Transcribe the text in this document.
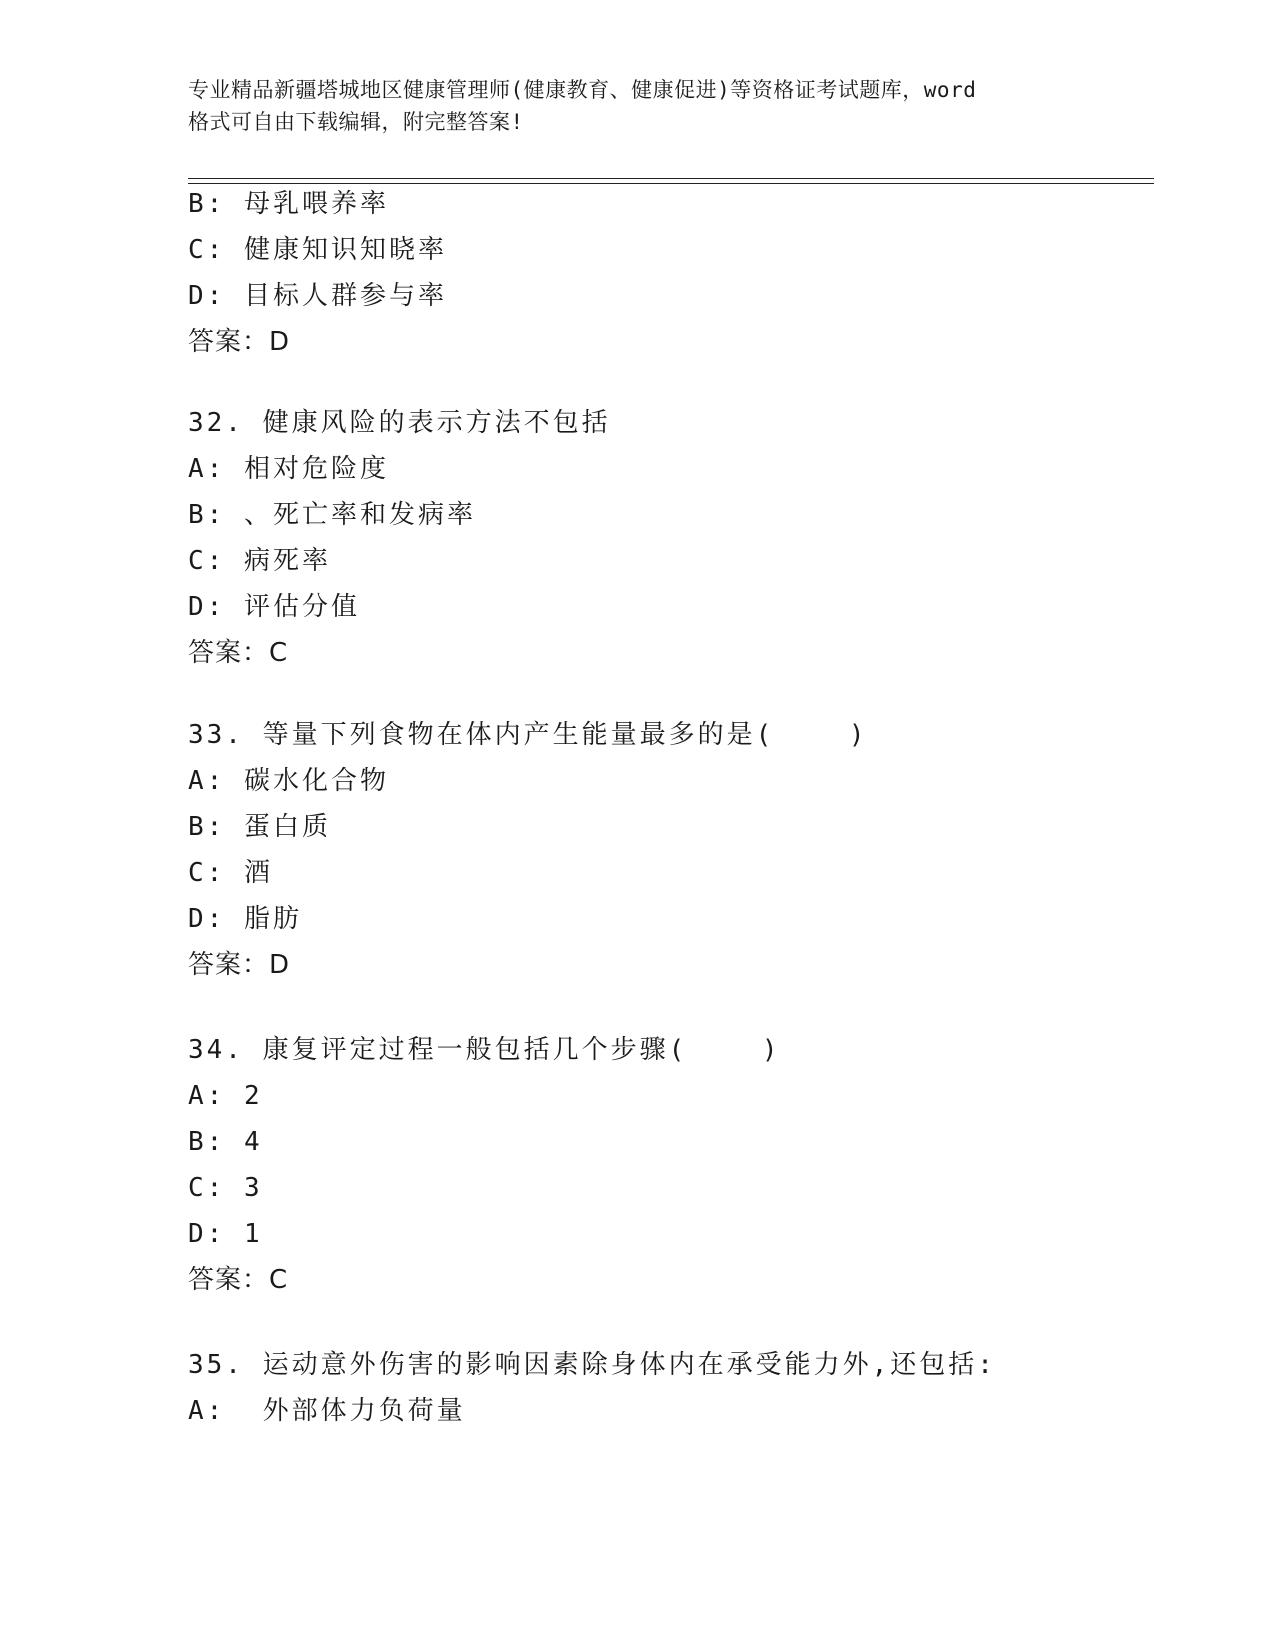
专业精品新疆塔城地区健康管理师(健康教育、健康促进)等资格证考试题库，word
格式可自由下载编辑，附完整答案!
B: 母乳喂养率
C: 健康知识知晓率
D: 目标人群参与率
答案：D
32. 健康风险的表示方法不包括
A: 相对危险度
B: 、死亡率和发病率
C: 病死率
D: 评估分值
答案：C
33. 等量下列食物在体内产生能量最多的是(    )
A: 碳水化合物
B: 蛋白质
C: 酒
D: 脂肪
答案：D
34. 康复评定过程一般包括几个步骤(    )
A: 2
B: 4
C: 3
D: 1
答案：C
35. 运动意外伤害的影响因素除身体内在承受能力外,还包括:
A:  外部体力负荷量
